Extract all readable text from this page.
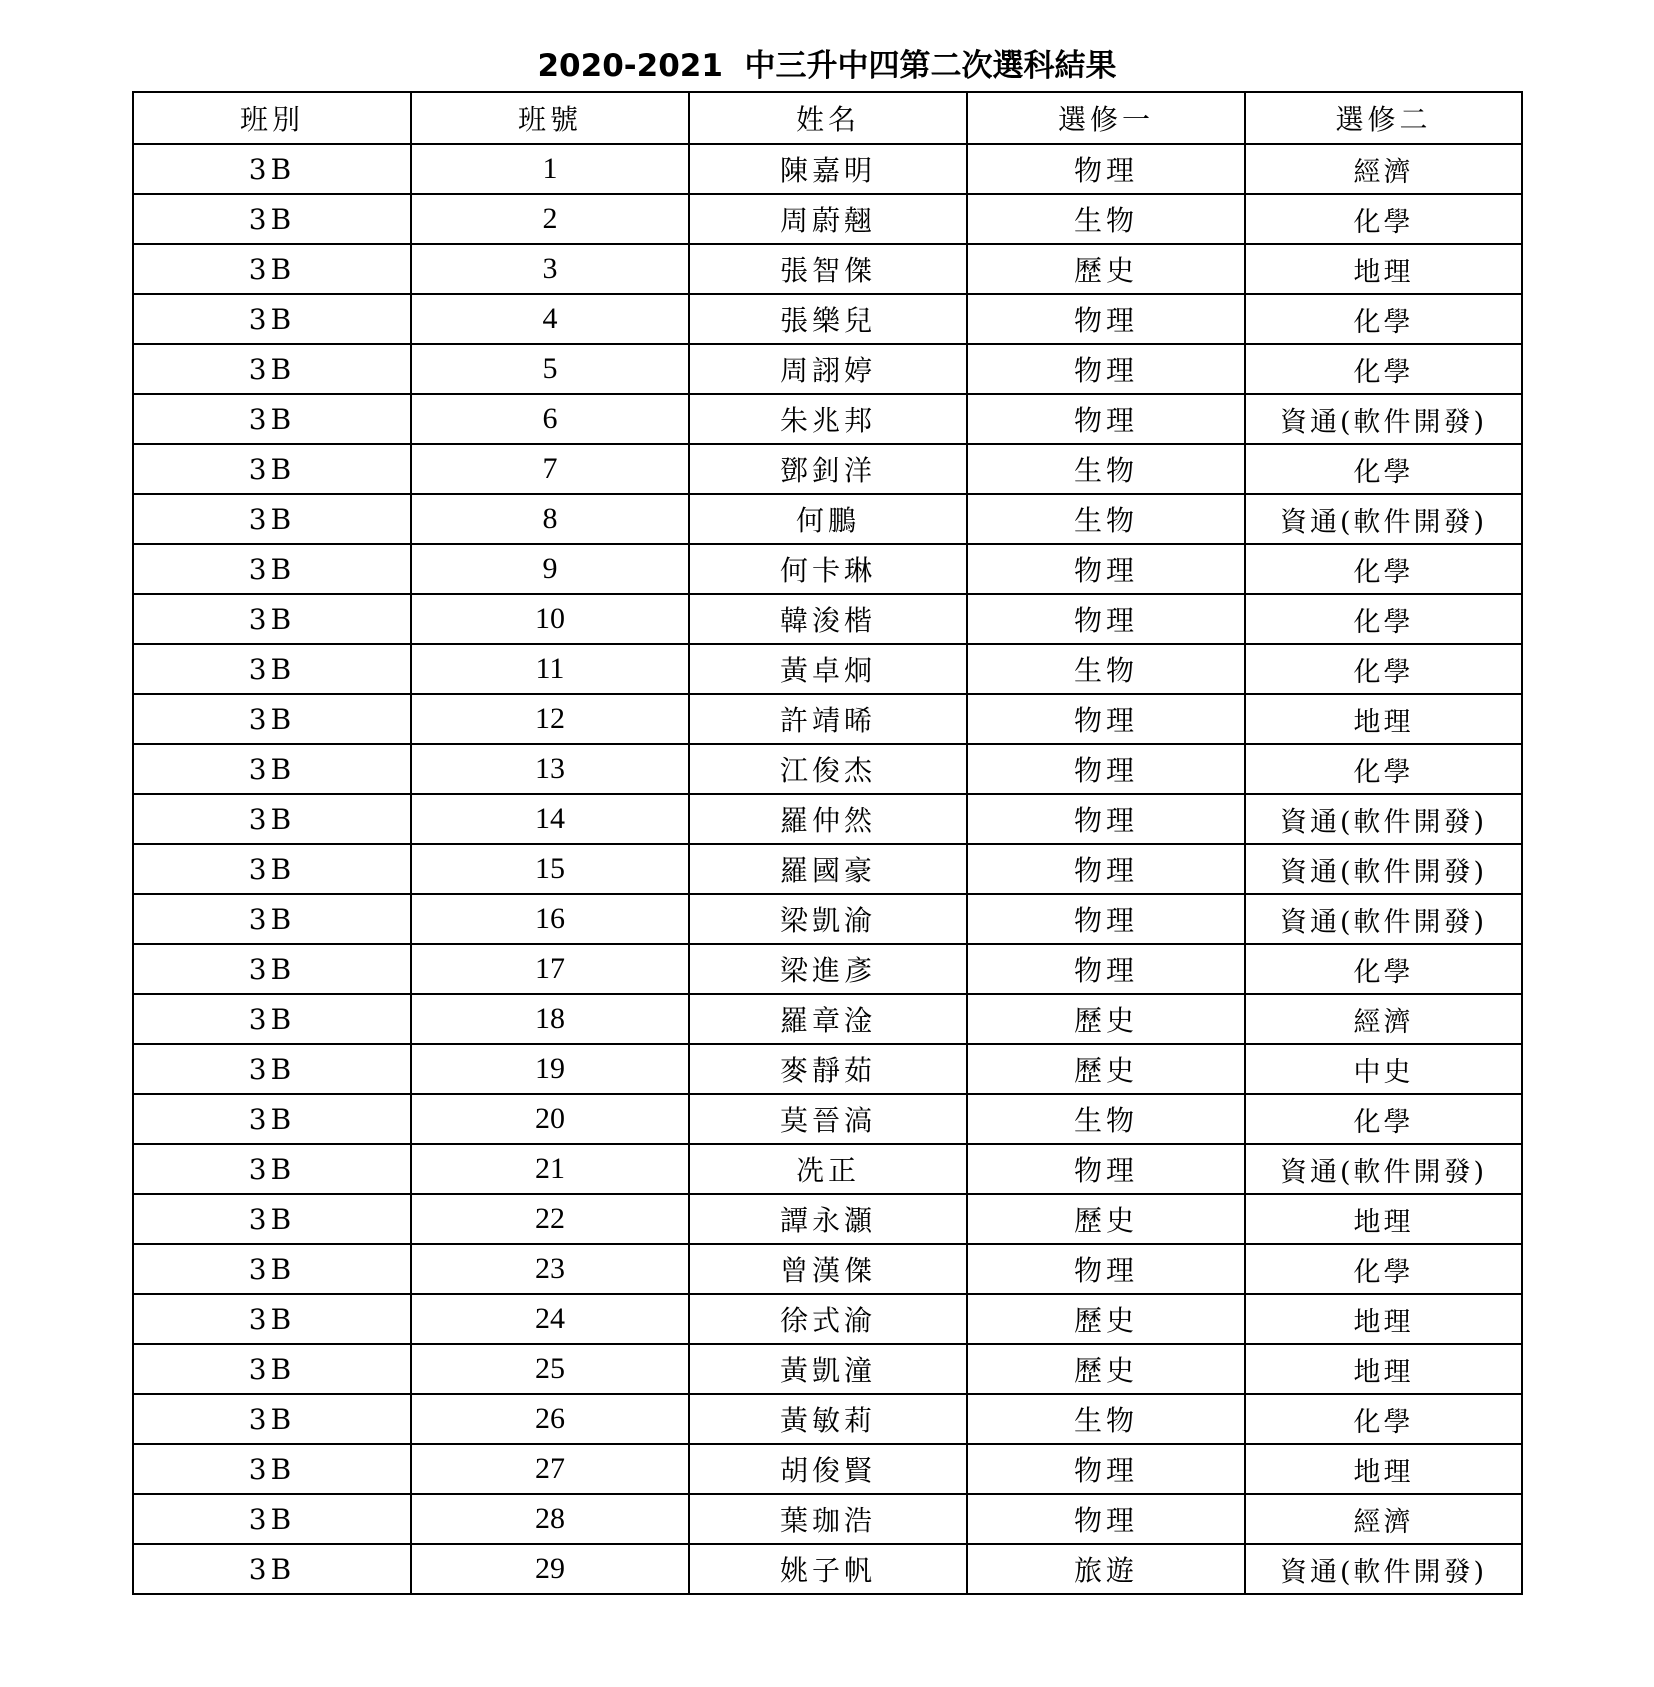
2020-2021  中三升中四第二次選科結果
班別	班號	姓名	選修一	選修二
3B	1	陳嘉明	物理	經濟
3B	2	周蔚翹	生物	化學
3B	3	張智傑	歷史	地理
3B	4	張樂兒	物理	化學
3B	5	周詡婷	物理	化學
3B	6	朱兆邦	物理	資通(軟件開發)
3B	7	鄧釗洋	生物	化學
3B	8	何鵬	生物	資通(軟件開發)
3B	9	何卡琳	物理	化學
3B	10	韓浚楷	物理	化學
3B	11	黃卓炯	生物	化學
3B	12	許靖晞	物理	地理
3B	13	江俊杰	物理	化學
3B	14	羅仲然	物理	資通(軟件開發)
3B	15	羅國豪	物理	資通(軟件開發)
3B	16	梁凱渝	物理	資通(軟件開發)
3B	17	梁進彥	物理	化學
3B	18	羅章淦	歷史	經濟
3B	19	麥靜茹	歷史	中史
3B	20	莫晉滈	生物	化學
3B	21	冼正	物理	資通(軟件開發)
3B	22	譚永灝	歷史	地理
3B	23	曾漢傑	物理	化學
3B	24	徐式渝	歷史	地理
3B	25	黃凱潼	歷史	地理
3B	26	黃敏莉	生物	化學
3B	27	胡俊賢	物理	地理
3B	28	葉珈浩	物理	經濟
3B	29	姚子帆	旅遊	資通(軟件開發)
